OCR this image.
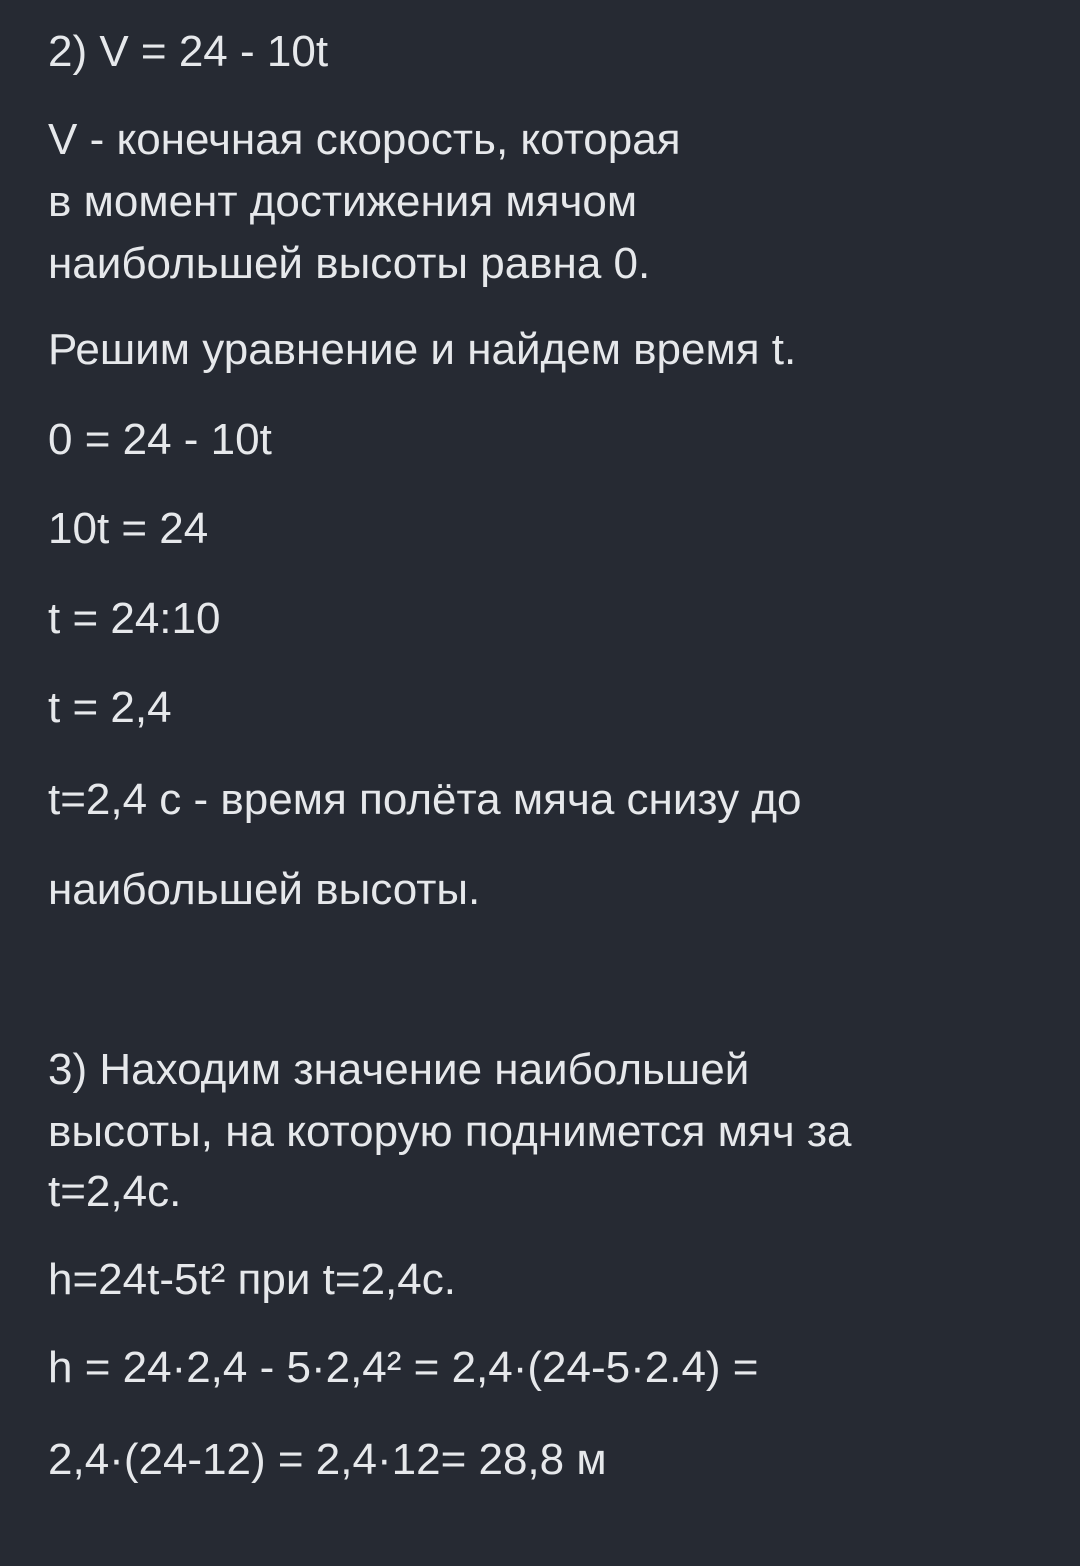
2) V = 24 - 10t

V - конечная скорость, которая

в момент достижения мячом

наибольшей высоты равна 0.

Решим уравнение и найдем время t.

0 = 24 - 10t

10t = 24

t = 24:10

t = 2,4

t=2,4 с - время полёта мяча снизу до

наибольшей высоты.

3) Находим значение наибольшей

высоты, на которую поднимется мяч за

t=2,4c.

h=24t-5t² при t=2,4c.

h = 24·2,4 - 5·2,4² = 2,4·(24-5·2.4) =

2,4·(24-12) = 2,4·12= 28,8 м
